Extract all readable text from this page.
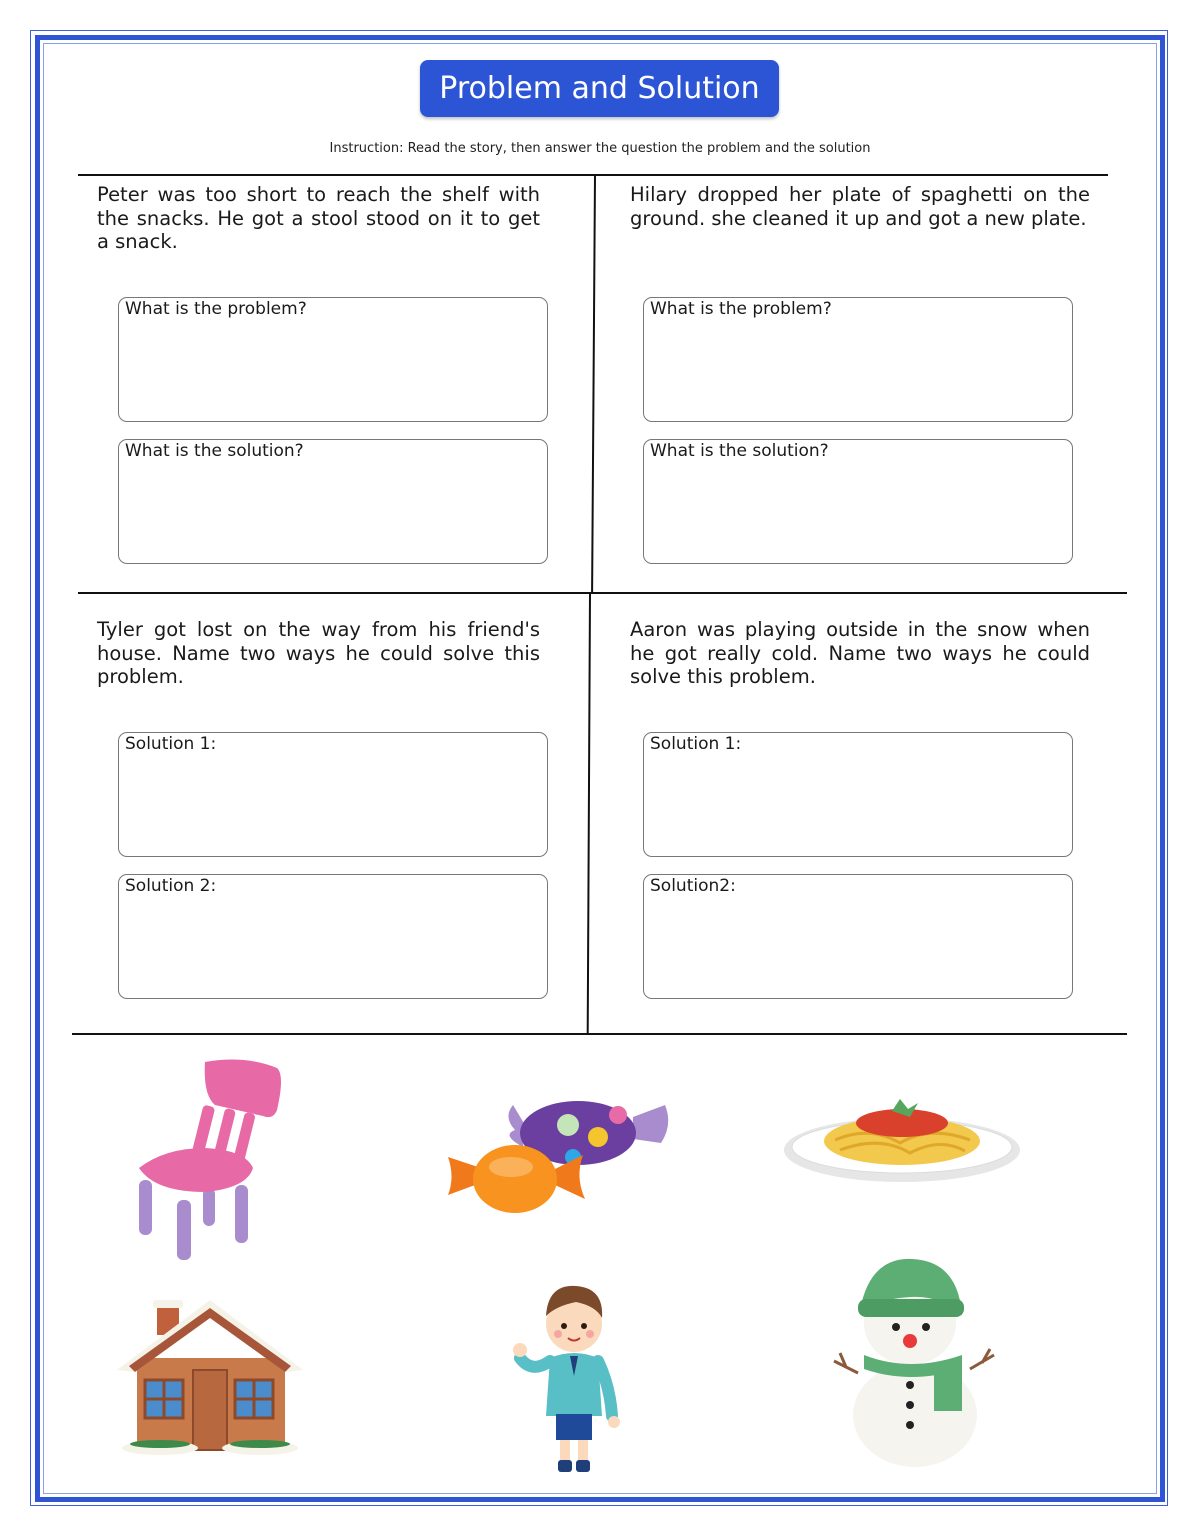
Problem and Solution
Instruction: Read the story, then answer the question the problem and the solution
Peter was too short to reach the shelf with the snacks. He got a stool stood on it to get a snack.
What is the problem?
What is the solution?
Hilary dropped her plate of spaghetti on the ground. she cleaned it up and got a new plate.
What is the problem?
What is the solution?
Tyler got lost on the way from his friend's house. Name two ways he could solve this problem.
Solution 1:
Solution 2:
Aaron was playing outside in the snow when he got really cold. Name two ways he could solve this problem.
Solution 1:
Solution2:
